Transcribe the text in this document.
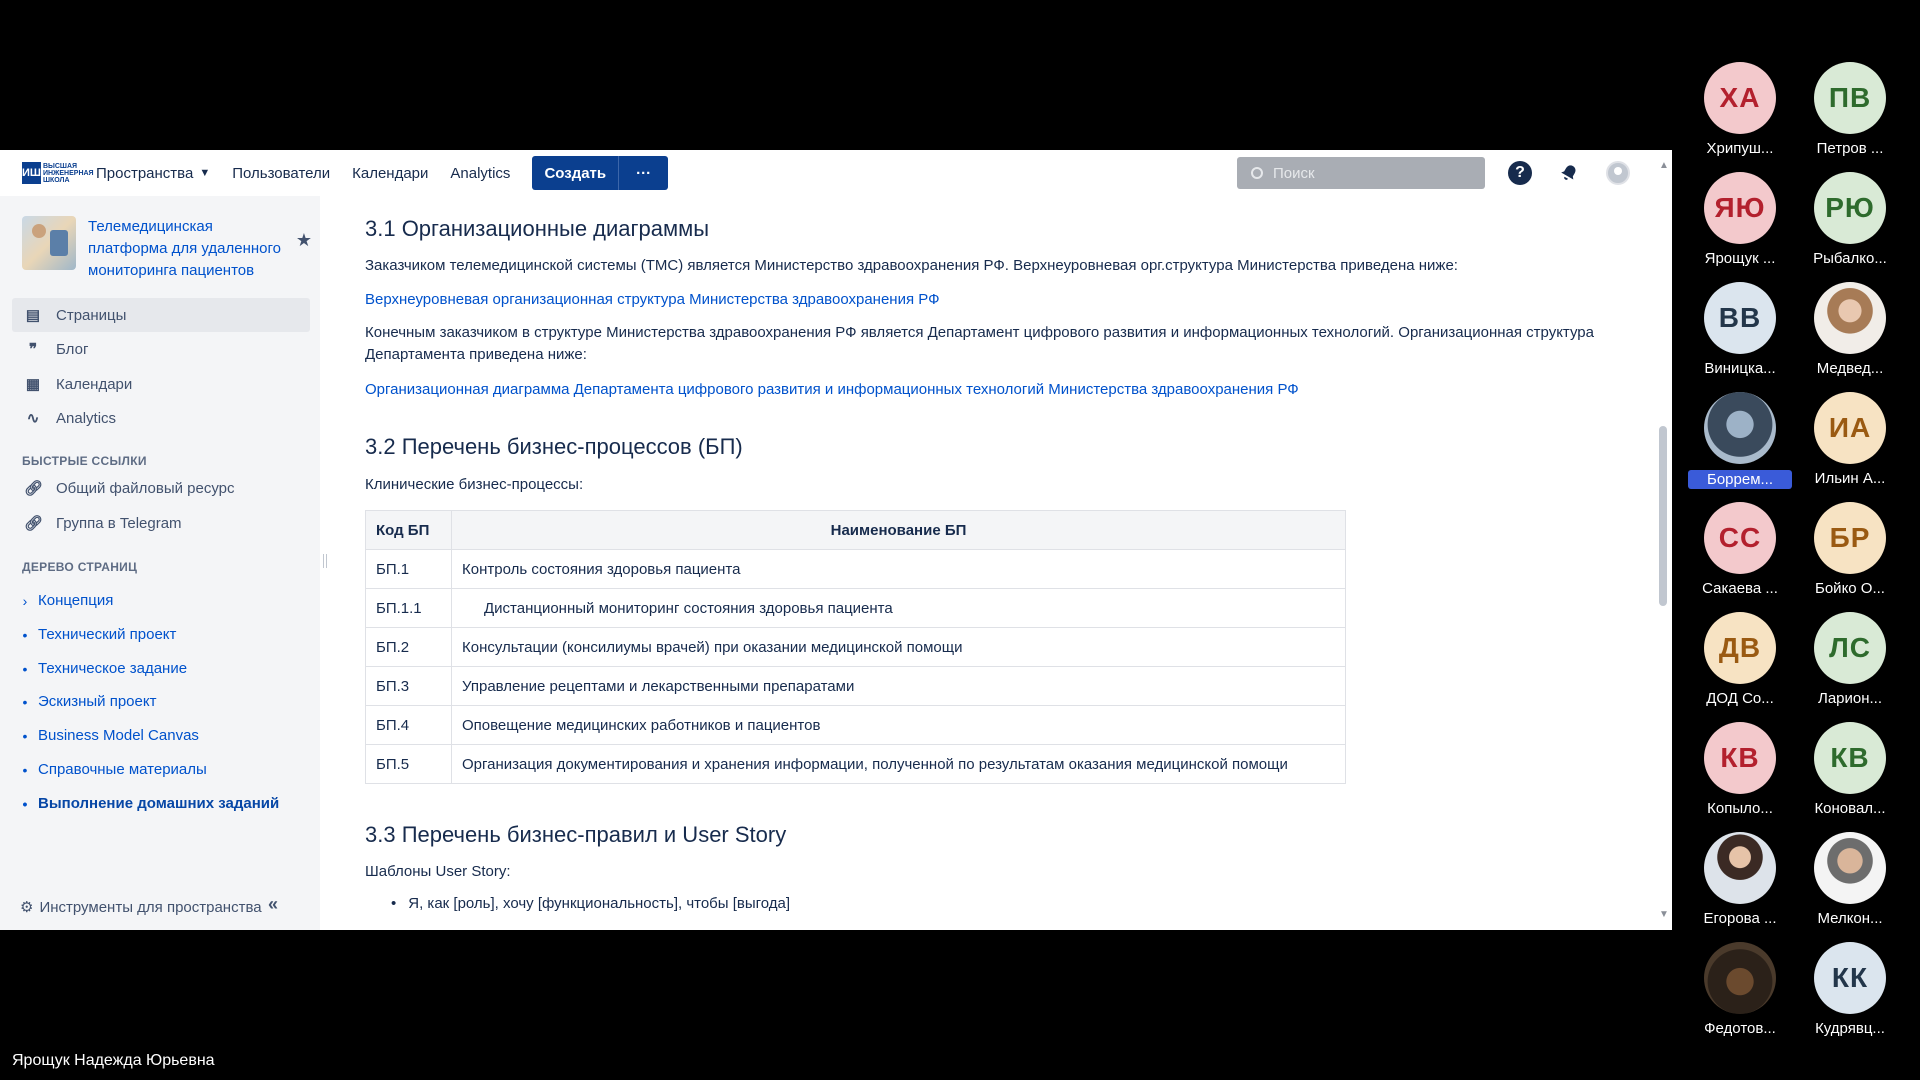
ИШ
ВЫСШАЯ ИНЖЕНЕРНАЯ ШКОЛА	Пространства ▼ Пользователи Календари Analytics	Создать	···	Поиск	?
Телемедицинская платформа для удаленного мониторинга пациентов
★
▤ Страницы
❞	Блог
▦ Календари
∿ Analytics
БЫСТРЫЕ ССЫЛКИ
🔗︎ Общий файловый ресурс
🔗︎ Группа в Telegram
ДЕРЕВО СТРАНИЦ
› Концепция
• Технический проект
• Техническое задание
• Эскизный проект
• Business Model Canvas
• Справочные материалы
• Выполнение домашних заданий
⚙ Инструменты для пространства «
3.1 Организационные диаграммы
Заказчиком телемедицинской системы (ТМС) является Министерство здравоохранения РФ. Верхнеуровневая орг.структура Министерства приведена ниже:
Верхнеуровневая организационная структура Министерства здравоохранения РФ
Конечным заказчиком в структуре Министерства здравоохранения РФ является Департамент цифрового развития и информационных технологий. Организационная структура Департамента приведена ниже:
Организационная диаграмма Департамента цифрового развития и информационных технологий Министерства здравоохранения РФ
3.2 Перечень бизнес-процессов (БП)
Клинические бизнес-процессы:
Код БП	Наименование БП
БП.1	Контроль состояния здоровья пациента
БП.1.1	Дистанционный мониторинг состояния здоровья пациента
БП.2	Консультации (консилиумы врачей) при оказании медицинской помощи
БП.3	Управление рецептами и лекарственными препаратами
БП.4	Оповещение медицинских работников и пациентов
БП.5	Организация документирования и хранения информации, полученной по результатам оказания медицинской помощи
3.3 Перечень бизнес-правил и User Story
Шаблоны User Story:
• Я, как [роль], хочу [функциональность], чтобы [выгода]
▲
▼
ХА
Хрипуш...
ПВ
Петров ...
ЯЮ
Ярощук ...
РЮ
Рыбалко...
ВВ
Виницка...	Медвед...
Боррем...
ИА
Ильин А...
СС
Сакаева ...
БР
Бойко О...
ДВ
ДОД Со...
ЛС
Ларион...
КВ
Копыло...
КВ
Коновал...
Егорова ...	Мелкон...
Федотов...
КК
Кудрявц...
Ярощук Надежда Юрьевна
